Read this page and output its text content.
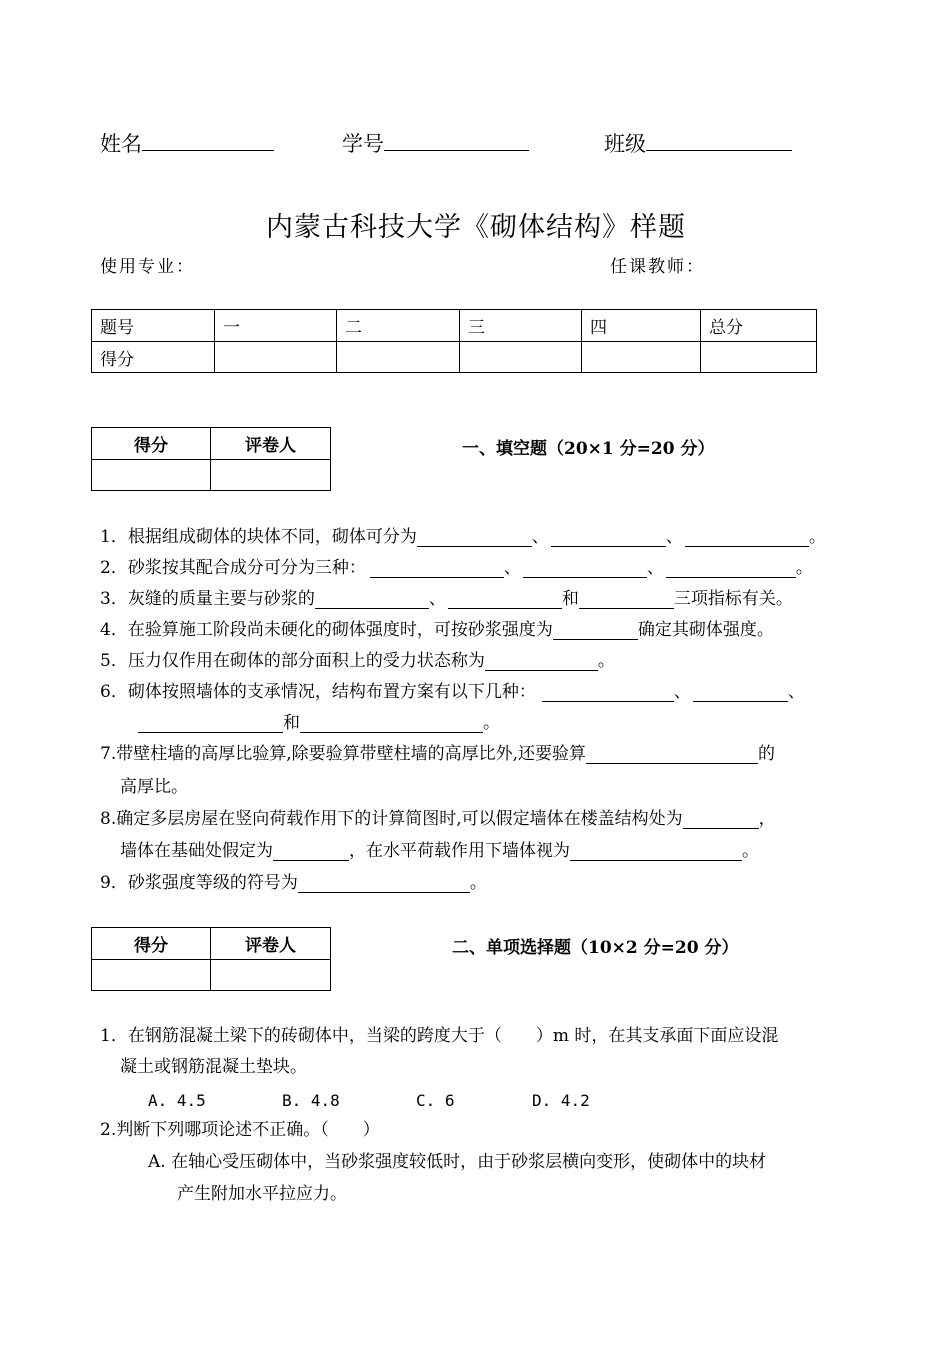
姓名	学号	班级
内蒙古科技大学《砌体结构》样题
使用专业：	任课教师：
题号	一	二	三	四	总分
得分					
得分	评卷人
		一、填空题（20×1 分=20 分）
1．根据组成砌体的块体不同，砌体可分为	、	、	。
2．砂浆按其配合成分可分为三种：	、	、	。
3．灰缝的质量主要与砂浆的	、	和	三项指标有关。
4．在验算施工阶段尚未硬化的砌体强度时，可按砂浆强度为	确定其砌体强度。
5．压力仅作用在砌体的部分面积上的受力状态称为	。
6．砌体按照墙体的支承情况，结构布置方案有以下几种：	、	、
和	。
7.带壁柱墙的高厚比验算,除要验算带壁柱墙的高厚比外,还要验算	的
高厚比。
8.确定多层房屋在竖向荷载作用下的计算简图时,可以假定墙体在楼盖结构处为	，
墙体在基础处假定为	，在水平荷载作用下墙体视为	。
9．砂浆强度等级的符号为	。
得分	评卷人
		二、单项选择题（10×2 分=20 分）
1．在钢筋混凝土梁下的砖砌体中，当梁的跨度大于（　　）m 时，在其支承面下面应设混
凝土或钢筋混凝土垫块。
A. 4.5	B. 4.8	C. 6	D. 4.2
2.判断下列哪项论述不正确。（　　）
A. 在轴心受压砌体中，当砂浆强度较低时，由于砂浆层横向变形，使砌体中的块材
产生附加水平拉应力。
